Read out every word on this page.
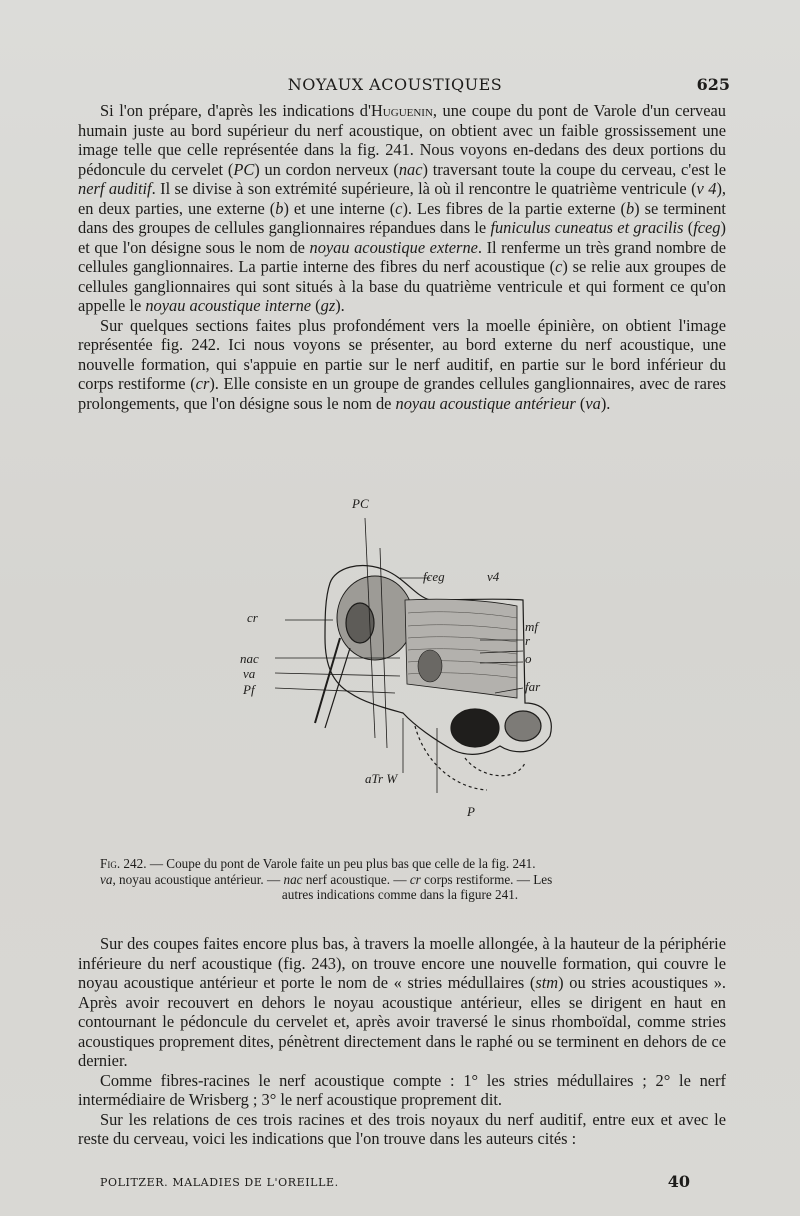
NOYAUX ACOUSTIQUES	625

Si l'on prépare, d'après les indications d'Huguenin, une coupe du pont de Varole d'un cerveau humain juste au bord supérieur du nerf acoustique, on obtient avec un faible grossissement une image telle que celle représentée dans la fig. 241. Nous voyons en-dedans des deux portions du pédoncule du cervelet (PC) un cordon nerveux (nac) traversant toute la coupe du cerveau, c'est le nerf auditif. Il se divise à son extrémité supérieure, là où il rencontre le quatrième ventricule (v 4), en deux parties, une externe (b) et une interne (c). Les fibres de la partie externe (b) se terminent dans des groupes de cellules ganglionnaires répandues dans le funiculus cuneatus et gracilis (fceg) et que l'on désigne sous le nom de noyau acoustique externe. Il renferme un très grand nombre de cellules ganglionnaires. La partie interne des fibres du nerf acoustique (c) se relie aux groupes de cellules ganglionnaires qui sont situés à la base du quatrième ventricule et qui forment ce qu'on appelle le noyau acoustique interne (gz).

Sur quelques sections faites plus profondément vers la moelle épinière, on obtient l'image représentée fig. 242. Ici nous voyons se présenter, au bord externe du nerf acoustique, une nouvelle formation, qui s'appuie en partie sur le nerf auditif, en partie sur le bord inférieur du corps restiforme (cr). Elle consiste en un groupe de grandes cellules ganglionnaires, avec de rares prolongements, que l'on désigne sous le nom de noyau acoustique antérieur (va).

PC
fceg	v4
cr
mf
r
o
nac
va
Pf	far
aTr W
P
Fig. 242. — Coupe du pont de Varole faite un peu plus bas que celle de la fig. 241.
va, noyau acoustique antérieur. — nac nerf acoustique. — cr corps restiforme. — Les
autres indications comme dans la figure 241.

Sur des coupes faites encore plus bas, à travers la moelle allongée, à la hauteur de la périphérie inférieure du nerf acoustique (fig. 243), on trouve encore une nouvelle formation, qui couvre le noyau acoustique antérieur et porte le nom de « stries médullaires (stm) ou stries acoustiques ». Après avoir recouvert en dehors le noyau acoustique antérieur, elles se dirigent en haut en contournant le pédoncule du cervelet et, après avoir traversé le sinus rhomboïdal, comme stries acoustiques proprement dites, pénètrent directement dans le raphé ou se terminent en dehors de ce dernier.

Comme fibres-racines le nerf acoustique compte : 1° les stries médullaires ; 2° le nerf intermédiaire de Wrisberg ; 3° le nerf acoustique proprement dit.

Sur les relations de ces trois racines et des trois noyaux du nerf auditif, entre eux et avec le reste du cerveau, voici les indications que l'on trouve dans les auteurs cités :

POLITZER. MALADIES DE L'OREILLE.	40
